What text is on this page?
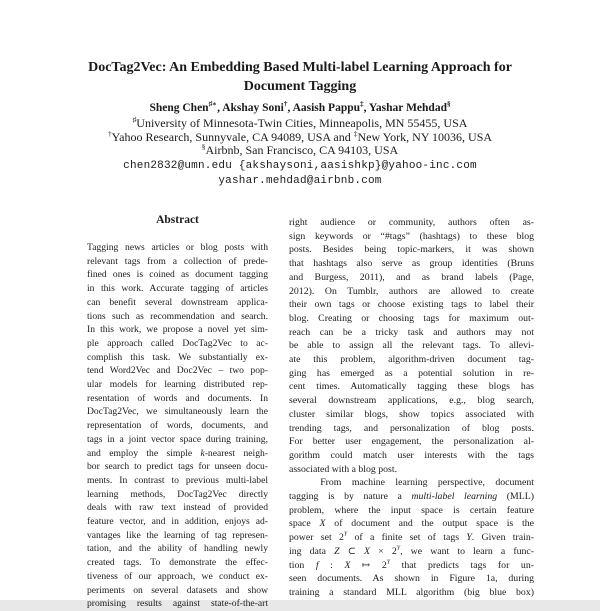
DocTag2Vec: An Embedding Based Multi-label Learning Approach for
Document Tagging
Sheng Chen♯∗, Akshay Soni†, Aasish Pappu‡, Yashar Mehdad§
♯University of Minnesota-Twin Cities, Minneapolis, MN 55455, USA
†Yahoo Research, Sunnyvale, CA 94089, USA and ‡New York, NY 10036, USA
§Airbnb, San Francisco, CA 94103, USA
chen2832@umn.edu {akshaysoni,aasishkp}@yahoo-inc.com
yashar.mehdad@airbnb.com
Abstract
Tagging news articles or blog posts with
relevant tags from a collection of prede-
fined ones is coined as document tagging
in this work. Accurate tagging of articles
can benefit several downstream applica-
tions such as recommendation and search.
In this work, we propose a novel yet sim-
ple approach called DocTag2Vec to ac-
complish this task. We substantially ex-
tend Word2Vec and Doc2Vec – two pop-
ular models for learning distributed rep-
resentation of words and documents. In
DocTag2Vec, we simultaneously learn the
representation of words, documents, and
tags in a joint vector space during training,
and employ the simple k-nearest neigh-
bor search to predict tags for unseen docu-
ments. In contrast to previous multi-label
learning methods, DocTag2Vec directly
deals with raw text instead of provided
feature vector, and in addition, enjoys ad-
vantages like the learning of tag represen-
tation, and the ability of handling newly
created tags. To demonstrate the effec-
tiveness of our approach, we conduct ex-
periments on several datasets and show
promising results against state-of-the-art
right audience or community, authors often as-
sign keywords or “#tags” (hashtags) to these blog
posts. Besides being topic-markers, it was shown
that hashtags also serve as group identities (Bruns
and Burgess, 2011), and as brand labels (Page,
2012). On Tumblr, authors are allowed to create
their own tags or choose existing tags to label their
blog. Creating or choosing tags for maximum out-
reach can be a tricky task and authors may not
be able to assign all the relevant tags. To allevi-
ate this problem, algorithm-driven document tag-
ging has emerged as a potential solution in re-
cent times. Automatically tagging these blogs has
several downstream applications, e.g., blog search,
cluster similar blogs, show topics associated with
trending tags, and personalization of blog posts.
For better user engagement, the personalization al-
gorithm could match user interests with the tags
associated with a blog post.
From machine learning perspective, document
tagging is by nature a multi-label learning (MLL)
problem, where the input space is certain feature
space X of document and the output space is the
power set $2^Y$ of a finite set of tags Y. Given train-
ing data Z ⊂ $X \times 2^Y$, we want to learn a func-
tion f : X ↦ $2^Y$ that predicts tags for un-
seen documents. As shown in Figure 1a, during
training a standard MLL algorithm (big blue box)
